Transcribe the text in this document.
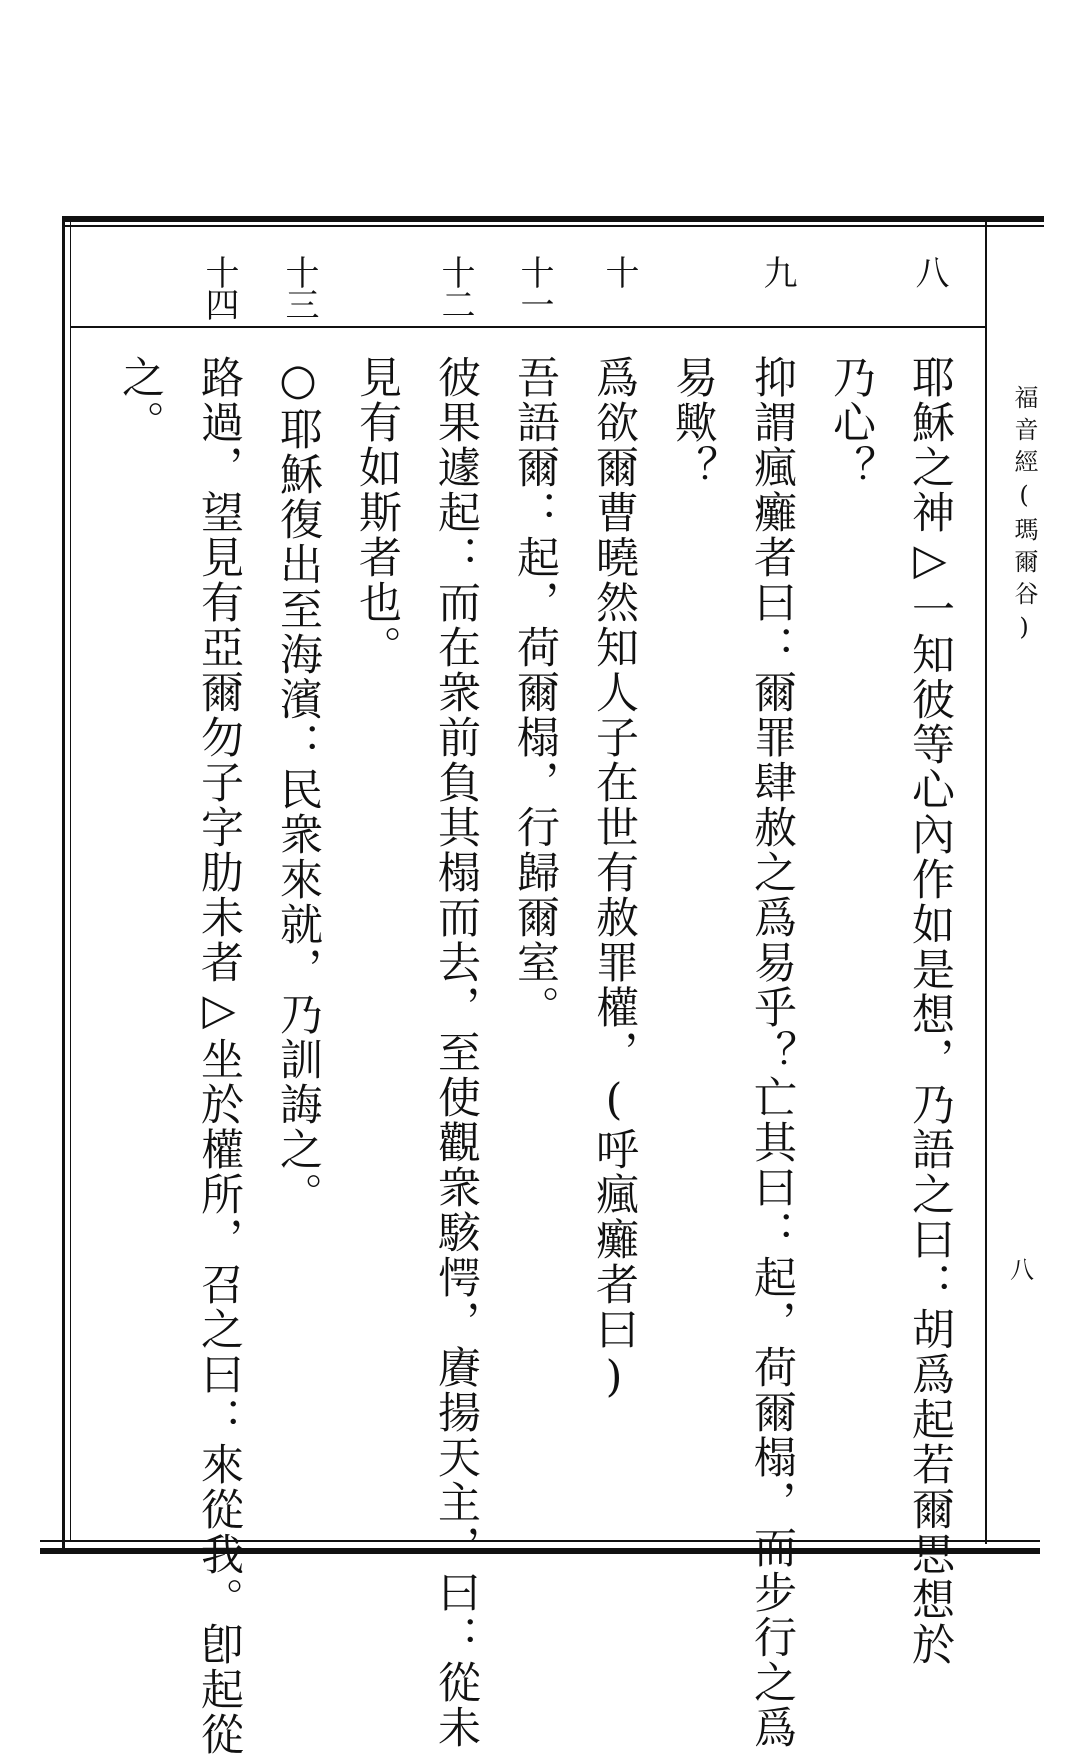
福音經(瑪爾谷)
八
八
耶穌之神▷一知彼等心內作如是想，乃語之曰：胡爲起若爾思想於
乃心？
九
抑謂瘋癱者曰：爾罪肆赦之爲易乎？亡其曰：起，荷爾榻，而步行之爲
易歟？
十
爲欲爾曹曉然知人子在世有赦罪權，(呼瘋癱者曰)
十一
吾語爾：起，荷爾榻，行歸爾室。
十二
彼果遽起：而在衆前負其榻而去，至使觀衆駭愕，賡揚天主，曰：從未
見有如斯者也。
十三
○耶穌復出至海濱：民衆來就，乃訓誨之。
十四
路過，望見有亞爾勿子字肋未者▷坐於權所，召之曰：來從我。卽起從
之。
